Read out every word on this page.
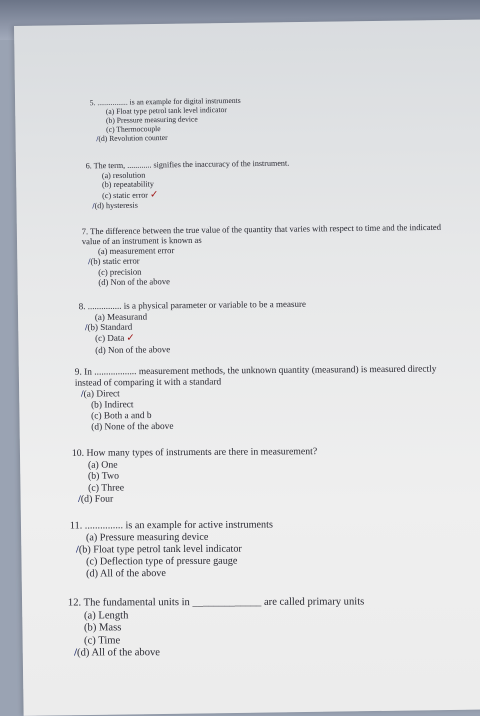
5. ................ is an example for digital instruments
(a) Float type petrol tank level indicator
(b) Pressure measuring device
(c) Thermocouple
/(d) Revolution counter
6. The term, ............ signifies the inaccuracy of the instrument.
(a) resolution
(b) repeatability
(c) static error ✓
/(d) hysteresis
7. The difference between the true value of the quantity that varies with respect to time and the indicated value of an instrument is known as
(a) measurement error
/(b) static error
(c) precision
(d) Non of the above
8. ............... is a physical parameter or variable to be a measure
(a) Measurand
/(b) Standard
(c) Data ✓
(d) Non of the above
9. In .................. measurement methods, the unknown quantity (measurand) is measured directly instead of comparing it with a standard
/(a) Direct
(b) Indirect
(c) Both a and b
(d) None of the above
10. How many types of instruments are there in measurement?
(a) One
(b) Two
(c) Three
/(d) Four
11. ............... is an example for active instruments
(a) Pressure measuring device
/(b) Float type petrol tank level indicator
(c) Deflection type of pressure gauge
(d) All of the above
12. The fundamental units in _____________ are called primary units
(a) Length
(b) Mass
(c) Time
/(d) All of the above
